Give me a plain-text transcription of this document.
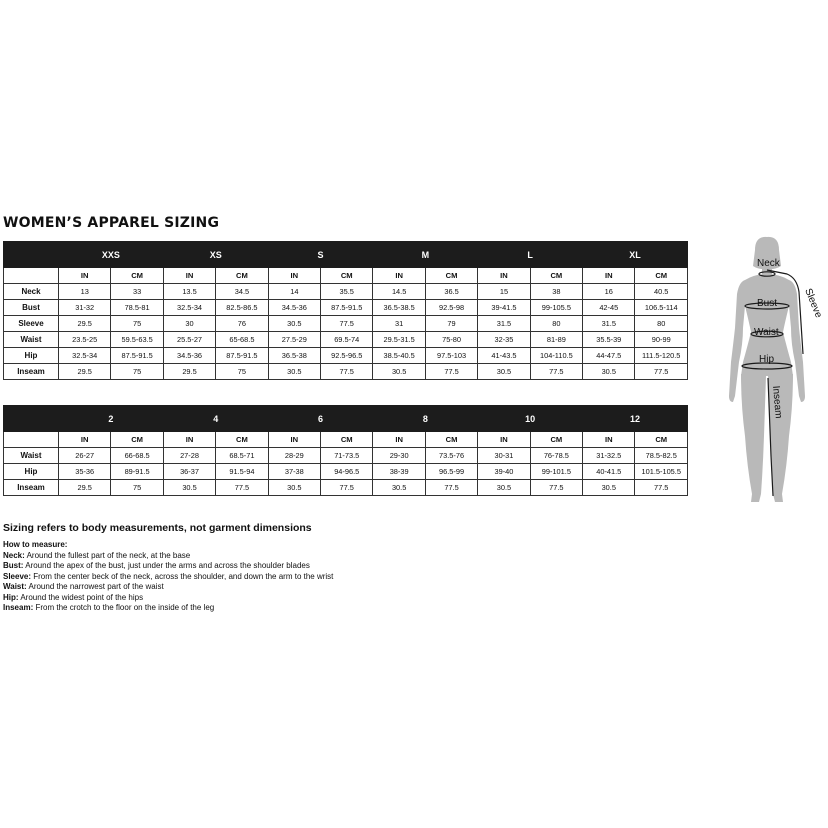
WOMEN’S APPAREL SIZING
	XXS		XS		S		M		L		XL	
	IN	CM	IN	CM	IN	CM	IN	CM	IN	CM	IN	CM
Neck	13	33	13.5	34.5	14	35.5	14.5	36.5	15	38	16	40.5
Bust	31-32	78.5-81	32.5-34	82.5-86.5	34.5-36	87.5-91.5	36.5-38.5	92.5-98	39-41.5	99-105.5	42-45	106.5-114
Sleeve	29.5	75	30	76	30.5	77.5	31	79	31.5	80	31.5	80
Waist	23.5-25	59.5-63.5	25.5-27	65-68.5	27.5-29	69.5-74	29.5-31.5	75-80	32-35	81-89	35.5-39	90-99
Hip	32.5-34	87.5-91.5	34.5-36	87.5-91.5	36.5-38	92.5-96.5	38.5-40.5	97.5-103	41-43.5	104-110.5	44-47.5	111.5-120.5
Inseam	29.5	75	29.5	75	30.5	77.5	30.5	77.5	30.5	77.5	30.5	77.5
	2		4		6		8		10		12	
	IN	CM	IN	CM	IN	CM	IN	CM	IN	CM	IN	CM
Waist	26-27	66-68.5	27-28	68.5-71	28-29	71-73.5	29-30	73.5-76	30-31	76-78.5	31-32.5	78.5-82.5
Hip	35-36	89-91.5	36-37	91.5-94	37-38	94-96.5	38-39	96.5-99	39-40	99-101.5	40-41.5	101.5-105.5
Inseam	29.5	75	30.5	77.5	30.5	77.5	30.5	77.5	30.5	77.5	30.5	77.5
Sizing refers to body measurements, not garment dimensions
How to measure:
Neck: Around the fullest part of the neck, at the base
Bust: Around the apex of the bust, just under the arms and across the shoulder blades
Sleeve: From the center beck of the neck, across the shoulder, and down the arm to the wrist
Waist: Around the narrowest part of the waist
Hip: Around the widest point of the hips
Inseam: From the crotch to the floor on the inside of the leg
Neck
Bust
Waist
Hip
Inseam
Sleeve
